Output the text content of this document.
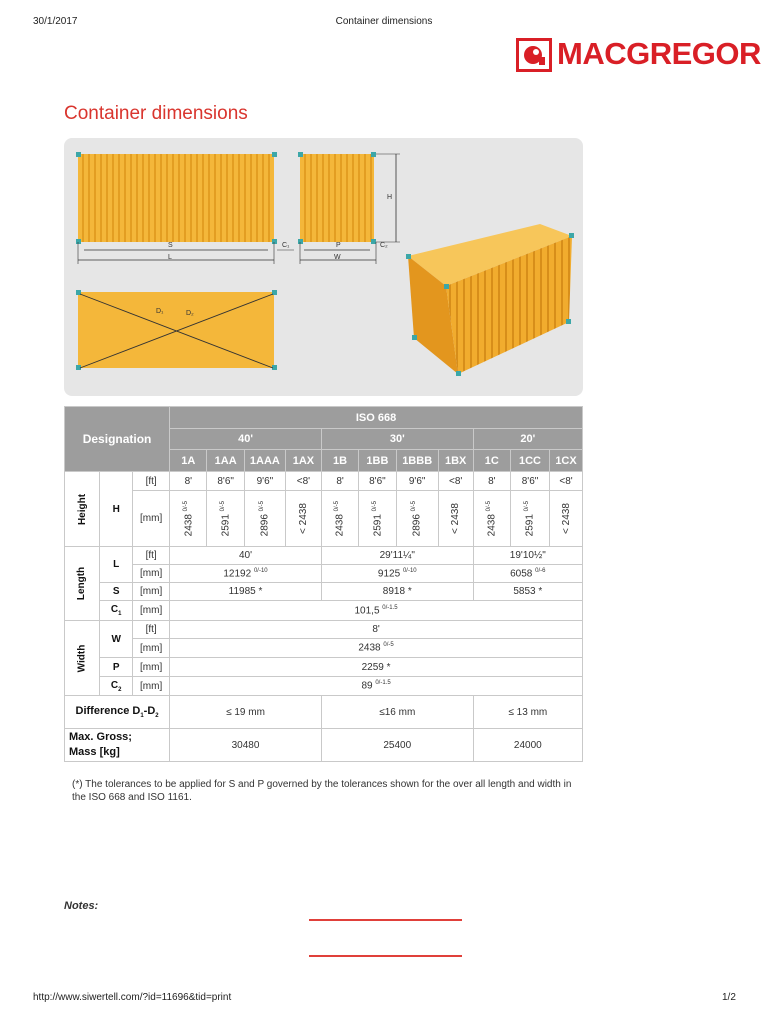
30/1/2017	Container dimensions
MACGREGOR
Container dimensions
S
L
C₁	P
W
C₂
H
D₁	D₂
Designation			ISO 668										
			40'				30'				20'		
			1A	1AA	1AAA	1AX	1B	1BB	1BBB	1BX	1C	1CC	1CX
Height	H	[ft]	8'	8'6"	9'6"	<8'	8'	8'6"	9'6"	<8'	8'	8'6"	<8'
		[mm]	2438 $^{0/-5}$	2591 $^{0/-5}$	2896 $^{0/-5}$	< 2438	2438 $^{0/-5}$	2591 $^{0/-5}$	2896 $^{0/-5}$	< 2438	2438 $^{0/-5}$	2591 $^{0/-5}$	< 2438
Length	L	[ft]	40'				29'11¼"				19'10½"		
		[mm]	12192 $^{0/-10}$				9125 $^{0/-10}$				6058 $^{0/-6}$
	S	[mm]	11985 *				8918 *				5853 *		
	$C_1$	[mm]	101,5 $^{0/-1.5}$
Width	W	[ft]	8'										
		[mm]	2438 $^{0/-5}$
	P	[mm]	2259 *										
	$C_2$	[mm]	89 $^{0/-1.5}$
Difference $D_1-D_2$			≤ 19 mm				≤16 mm				≤ 13 mm		

Max. Gross;
Mass [kg]			30480				25400				24000		
(*) The tolerances to be applied for S and P governed by the tolerances shown for the over all length and width in the ISO 668 and ISO 1161.
Notes:
http://www.siwertell.com/?id=11696&tid=print	1/2
